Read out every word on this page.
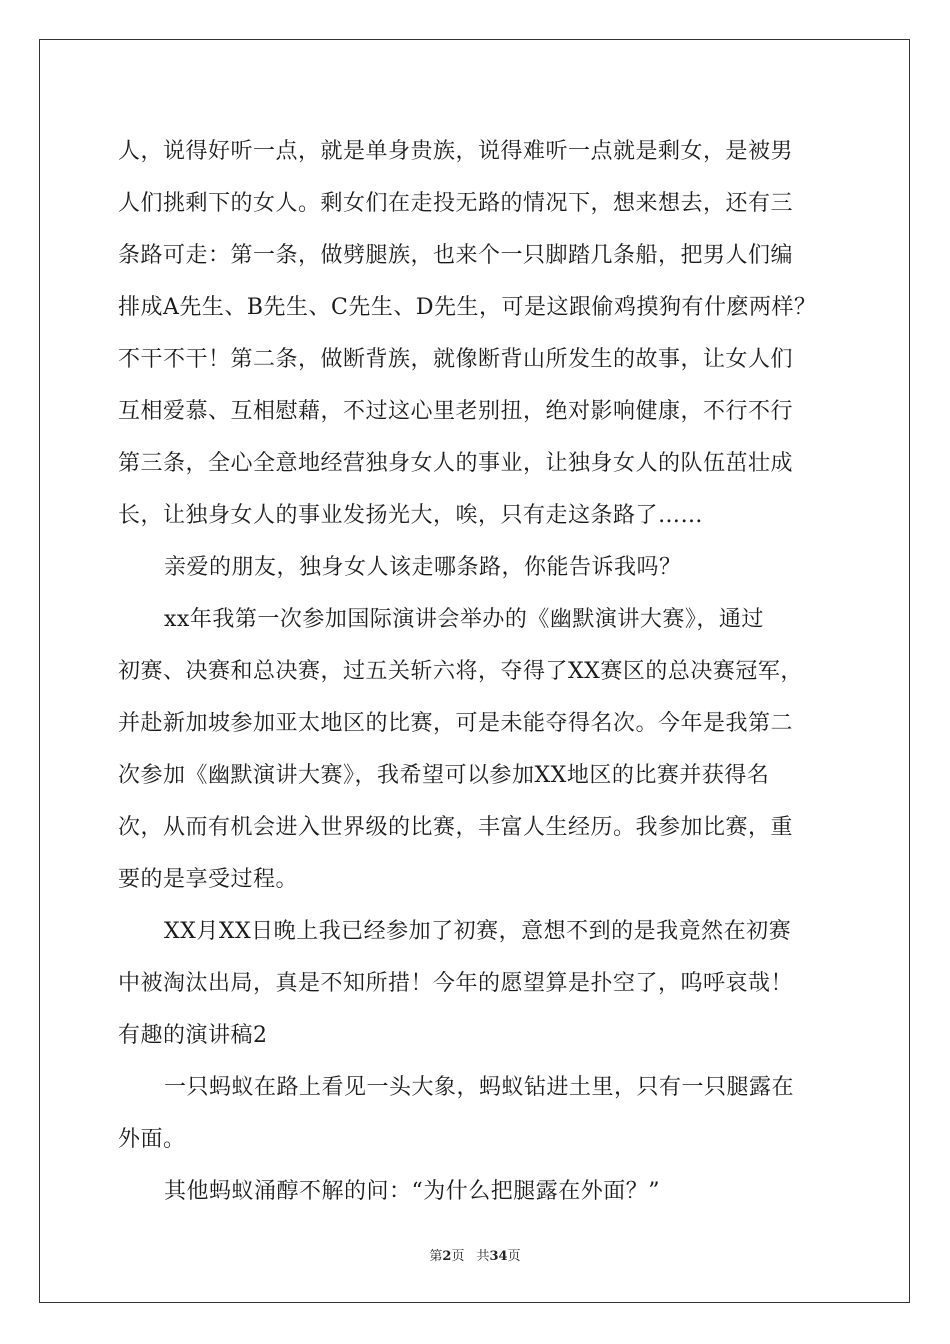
人，说得好听一点，就是单身贵族，说得难听一点就是剩女，是被男
人们挑剩下的女人。剩女们在走投无路的情况下，想来想去，还有三
条路可走：第一条，做劈腿族，也来个一只脚踏几条船，把男人们编
排成A先生、B先生、C先生、D先生，可是这跟偷鸡摸狗有什麽两样？
不干不干！第二条，做断背族，就像断背山所发生的故事，让女人们
互相爱慕、互相慰藉，不过这心里老别扭，绝对影响健康，不行不行
第三条，全心全意地经营独身女人的事业，让独身女人的队伍茁壮成
长，让独身女人的事业发扬光大，唉，只有走这条路了……
亲爱的朋友，独身女人该走哪条路，你能告诉我吗？
xx年我第一次参加国际演讲会举办的《幽默演讲大赛》，通过
初赛、决赛和总决赛，过五关斩六将，夺得了XX赛区的总决赛冠军，
并赴新加坡参加亚太地区的比赛，可是未能夺得名次。今年是我第二
次参加《幽默演讲大赛》，我希望可以参加XX地区的比赛并获得名
次，从而有机会进入世界级的比赛，丰富人生经历。我参加比赛，重
要的是享受过程。
XX月XX日晚上我已经参加了初赛，意想不到的是我竟然在初赛
中被淘汰出局，真是不知所措！今年的愿望算是扑空了，呜呼哀哉！
有趣的演讲稿2
一只蚂蚁在路上看见一头大象，蚂蚁钻进土里，只有一只腿露在
外面。
其他蚂蚁涌醇不解的问：“为什么把腿露在外面？”
第2页 共34页
